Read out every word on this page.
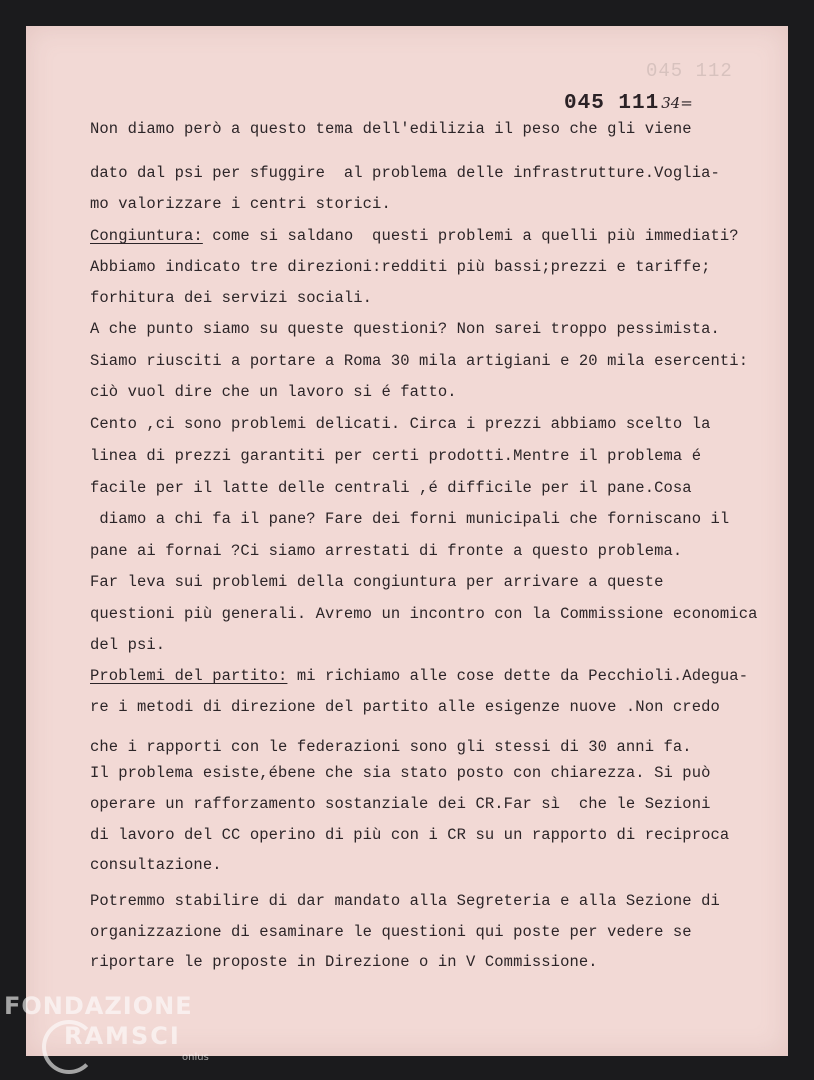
045 112
045 111 34=
Non diamo però a questo tema dell'edilizia il peso che gli viene
dato dal psi per sfuggire  al problema delle infrastrutture.Voglia-
mo valorizzare i centri storici.
Congiuntura: come si saldano  questi problemi a quelli più immediati?
Abbiamo indicato tre direzioni:redditi più bassi;prezzi e tariffe;
forhitura dei servizi sociali.
A che punto siamo su queste questioni? Non sarei troppo pessimista.
Siamo riusciti a portare a Roma 30 mila artigiani e 20 mila esercenti:
ciò vuol dire che un lavoro si é fatto.
Cento ,ci sono problemi delicati. Circa i prezzi abbiamo scelto la
linea di prezzi garantiti per certi prodotti.Mentre il problema é
facile per il latte delle centrali ,é difficile per il pane.Cosa
diamo a chi fa il pane? Fare dei forni municipali che forniscano il
pane ai fornai ?Ci siamo arrestati di fronte a questo problema.
Far leva sui problemi della congiuntura per arrivare a queste
questioni più generali. Avremo un incontro con la Commissione economica
del psi.
Problemi del partito: mi richiamo alle cose dette da Pecchioli.Adegua-
re i metodi di direzione del partito alle esigenze nuove .Non credo
che i rapporti con le federazioni sono gli stessi di 30 anni fa.
Il problema esiste,ébene che sia stato posto con chiarezza. Si può
operare un rafforzamento sostanziale dei CR.Far sì  che le Sezioni
di lavoro del CC operino di più con i CR su un rapporto di reciproca
consultazione.
Potremmo stabilire di dar mandato alla Segreteria e alla Sezione di
organizzazione di esaminare le questioni qui poste per vedere se
riportare le proposte in Direzione o in V Commissione.
FONDAZIONE
RAMSCI
onlus
